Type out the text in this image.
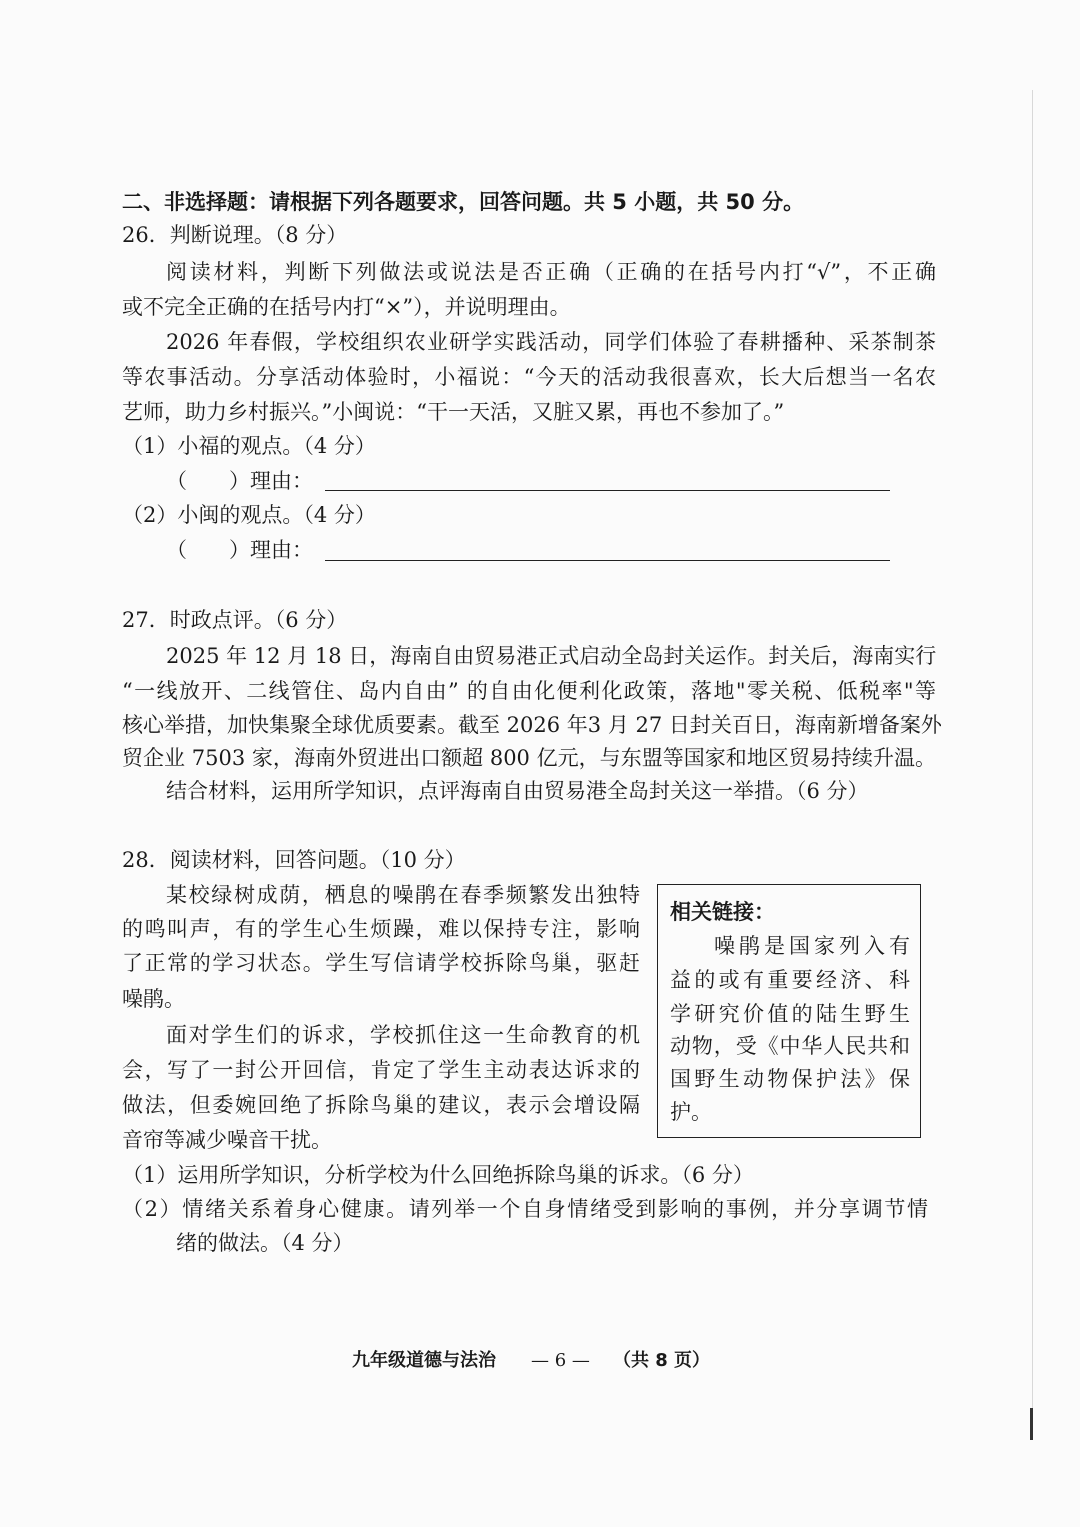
二、非选择题：请根据下列各题要求，回答问题。共 5 小题，共 50 分。
26．判断说理。（8 分）
阅读材料，判断下列做法或说法是否正确（正确的在括号内打“√”，不正确
或不完全正确的在括号内打“×”），并说明理由。
2026 年春假，学校组织农业研学实践活动，同学们体验了春耕播种、采茶制茶
等农事活动。分享活动体验时，小福说：“今天的活动我很喜欢，长大后想当一名农
艺师，助力乡村振兴。”小闽说：“干一天活，又脏又累，再也不参加了。”
（1）小福的观点。（4 分）
（　　）理由：
（2）小闽的观点。（4 分）
（　　）理由：
27．时政点评。（6 分）
2025 年 12 月 18 日，海南自由贸易港正式启动全岛封关运作。封关后，海南实行
“一线放开、二线管住、岛内自由” 的自由化便利化政策，落地"零关税、低税率"等
核心举措，加快集聚全球优质要素。截至 2026 年3 月 27 日封关百日，海南新增备案外
贸企业 7503 家，海南外贸进出口额超 800 亿元，与东盟等国家和地区贸易持续升温。
结合材料，运用所学知识，点评海南自由贸易港全岛封关这一举措。（6 分）
28．阅读材料，回答问题。（10 分）
某校绿树成荫，栖息的噪鹃在春季频繁发出独特
的鸣叫声，有的学生心生烦躁，难以保持专注，影响
了正常的学习状态。学生写信请学校拆除鸟巢，驱赶
噪鹃。
面对学生们的诉求，学校抓住这一生命教育的机
会，写了一封公开回信，肯定了学生主动表达诉求的
做法，但委婉回绝了拆除鸟巢的建议，表示会增设隔
音帘等减少噪音干扰。
相关链接：
噪鹃是国家列入有
益的或有重要经济、科
学研究价值的陆生野生
动物，受《中华人民共和
国野生动物保护法》保
护。
（1）运用所学知识，分析学校为什么回绝拆除鸟巢的诉求。（6 分）
（2）情绪关系着身心健康。请列举一个自身情绪受到影响的事例，并分享调节情
绪的做法。（4 分）
九年级道德与法治 — 6 — （共 8 页）
